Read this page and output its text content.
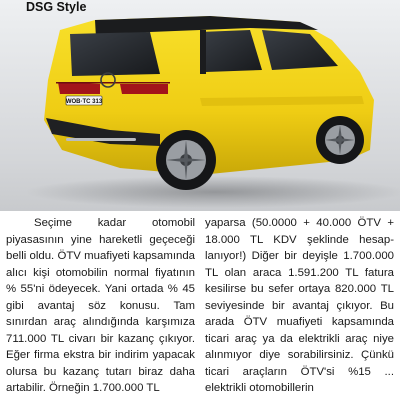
WOB·TC 313
DSG Style

Seçime kadar otomobil piyasasının yine hareketli geçeceği belli oldu. ÖTV muafiyeti kapsamında alıcı kişi otomobilin normal fiyatının % 55'ni ödeyecek. Yani ortada % 45 gibi avantaj söz konusu. Tam sınırdan araç alındığında karşımıza 711.000 TL civarı bir kazanç çıkıyor. Eğer firma ekstra bir indirim yapacak olursa bu kazanç tutarı biraz daha artabilir. Örneğin 1.700.000 TL

yaparsa (50.0000 + 40.000 ÖTV + 18.000 TL KDV şeklinde hesaplanıyor!) Diğer bir deyişle 1.700.000 TL olan araca 1.591.200 TL fatura kesilirse bu sefer ortaya 820.000 TL seviyesinde bir avantaj çıkıyor. Bu arada ÖTV muafiyeti kapsamında ticari araç ya da elektrikli araç niye alınmıyor diye sorabilirsiniz. Çünkü ticari araçların ÖTV'si %15 ... elektrikli otomobillerin
